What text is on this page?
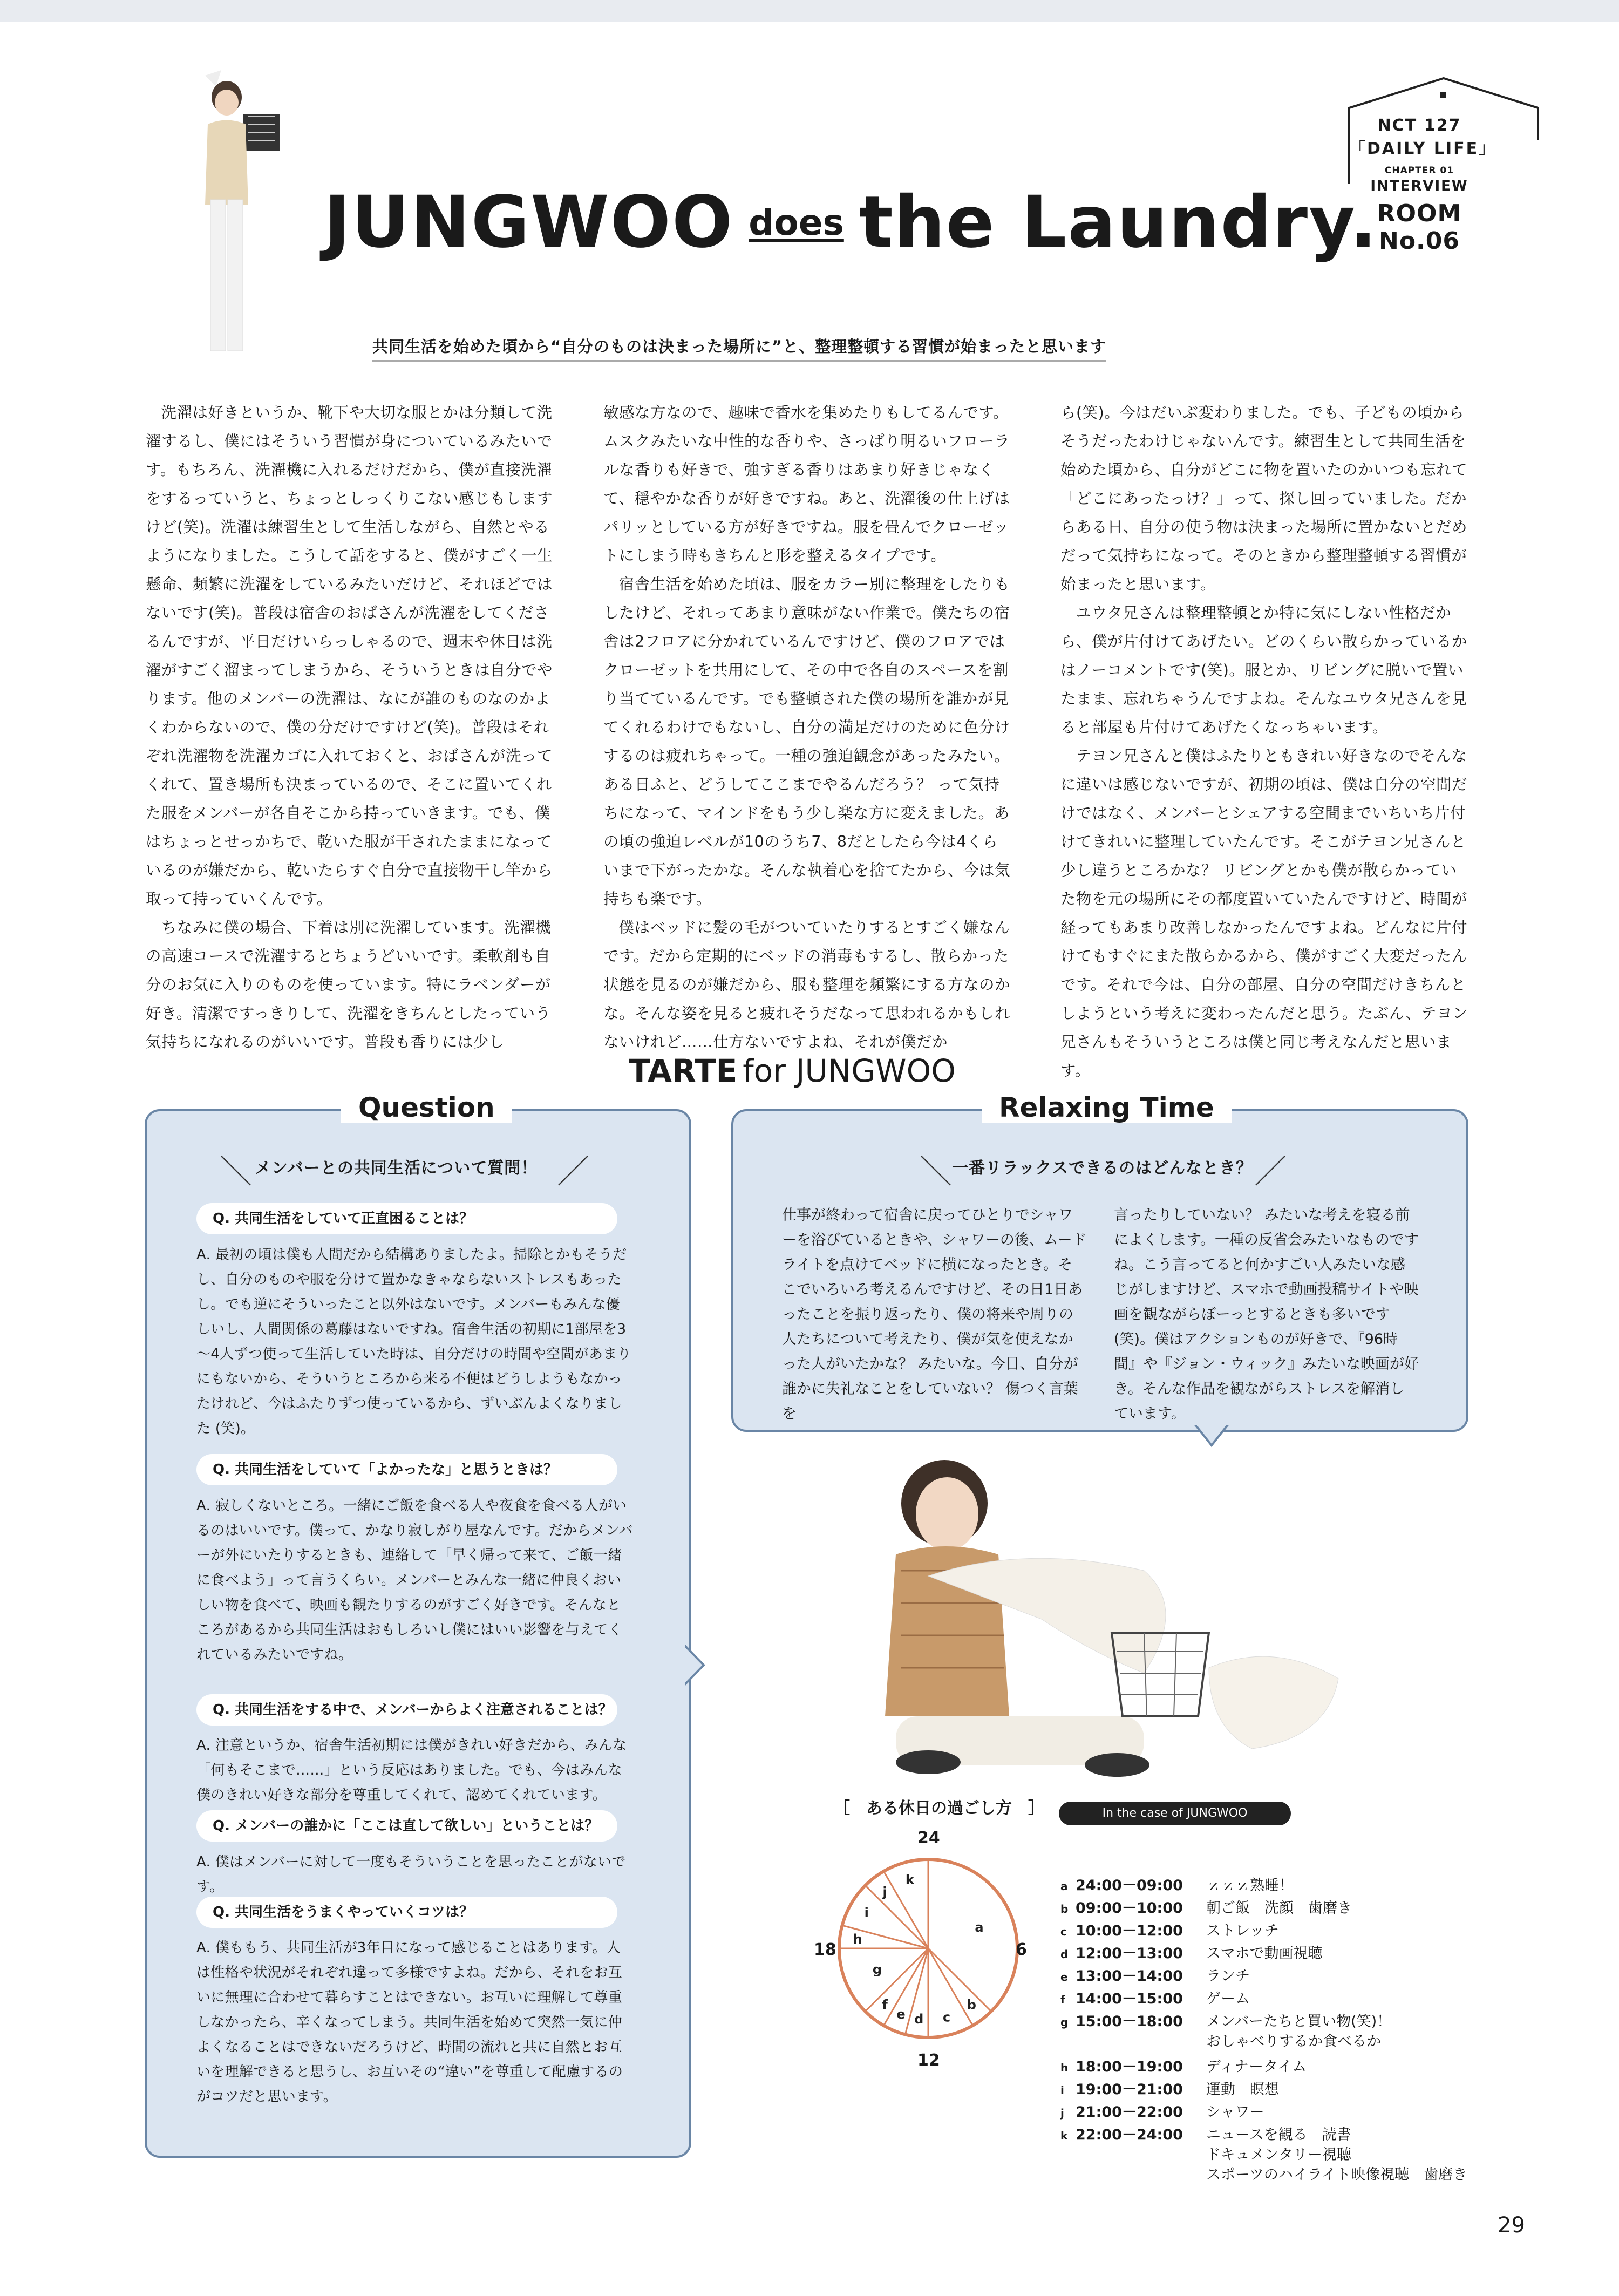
NCT 127
「DAILY LIFE」
CHAPTER 01
INTERVIEW
ROOM No.06
JUNGWOO does the Laundry.
共同生活を始めた頃から“自分のものは決まった場所に”と、整理整頓する習慣が始まったと思います

洗濯は好きというか、靴下や大切な服とかは分類して洗濯するし、僕にはそういう習慣が身についているみたいです。もちろん、洗濯機に入れるだけだから、僕が直接洗濯をするっていうと、ちょっとしっくりこない感じもしますけど(笑)。洗濯は練習生として生活しながら、自然とやるようになりました。こうして話をすると、僕がすごく一生懸命、頻繁に洗濯をしているみたいだけど、それほどではないです(笑)。普段は宿舎のおばさんが洗濯をしてくださるんですが、平日だけいらっしゃるので、週末や休日は洗濯がすごく溜まってしまうから、そういうときは自分でやります。他のメンバーの洗濯は、なにが誰のものなのかよくわからないので、僕の分だけですけど(笑)。普段はそれぞれ洗濯物を洗濯カゴに入れておくと、おばさんが洗ってくれて、置き場所も決まっているので、そこに置いてくれた服をメンバーが各自そこから持っていきます。でも、僕はちょっとせっかちで、乾いた服が干されたままになっているのが嫌だから、乾いたらすぐ自分で直接物干し竿から取って持っていくんです。

ちなみに僕の場合、下着は別に洗濯しています。洗濯機の高速コースで洗濯するとちょうどいいです。柔軟剤も自分のお気に入りのものを使っています。特にラベンダーが好き。清潔ですっきりして、洗濯をきちんとしたっていう気持ちになれるのがいいです。普段も香りには少し

敏感な方なので、趣味で香水を集めたりもしてるんです。ムスクみたいな中性的な香りや、さっぱり明るいフローラルな香りも好きで、強すぎる香りはあまり好きじゃなくて、穏やかな香りが好きですね。あと、洗濯後の仕上げはパリッとしている方が好きですね。服を畳んでクローゼットにしまう時もきちんと形を整えるタイプです。

宿舎生活を始めた頃は、服をカラー別に整理をしたりもしたけど、それってあまり意味がない作業で。僕たちの宿舎は2フロアに分かれているんですけど、僕のフロアではクローゼットを共用にして、その中で各自のスペースを割り当てているんです。でも整頓された僕の場所を誰かが見てくれるわけでもないし、自分の満足だけのために色分けするのは疲れちゃって。一種の強迫観念があったみたい。ある日ふと、どうしてここまでやるんだろう？ って気持ちになって、マインドをもう少し楽な方に変えました。あの頃の強迫レベルが10のうち7、8だとしたら今は4くらいまで下がったかな。そんな執着心を捨てたから、今は気持ちも楽です。

僕はベッドに髪の毛がついていたりするとすごく嫌なんです。だから定期的にベッドの消毒もするし、散らかった状態を見るのが嫌だから、服も整理を頻繁にする方なのかな。そんな姿を見ると疲れそうだなって思われるかもしれないけれど……仕方ないですよね、それが僕だか

ら(笑)。今はだいぶ変わりました。でも、子どもの頃からそうだったわけじゃないんです。練習生として共同生活を始めた頃から、自分がどこに物を置いたのかいつも忘れて「どこにあったっけ？」って、探し回っていました。だからある日、自分の使う物は決まった場所に置かないとだめだって気持ちになって。そのときから整理整頓する習慣が始まったと思います。

ユウタ兄さんは整理整頓とか特に気にしない性格だから、僕が片付けてあげたい。どのくらい散らかっているかはノーコメントです(笑)。服とか、リビングに脱いで置いたまま、忘れちゃうんですよね。そんなユウタ兄さんを見ると部屋も片付けてあげたくなっちゃいます。

テヨン兄さんと僕はふたりともきれい好きなのでそんなに違いは感じないですが、初期の頃は、僕は自分の空間だけではなく、メンバーとシェアする空間までいちいち片付けてきれいに整理していたんです。そこがテヨン兄さんと少し違うところかな？ リビングとかも僕が散らかっていた物を元の場所にその都度置いていたんですけど、時間が経ってもあまり改善しなかったんですよね。どんなに片付けてもすぐにまた散らかるから、僕がすごく大変だったんです。それで今は、自分の部屋、自分の空間だけきちんとしようという考えに変わったんだと思う。たぶん、テヨン兄さんもそういうところは僕と同じ考えなんだと思います。

TARTE for JUNGWOO
Question
＼ メンバーとの共同生活について質問！ ／
Q. 共同生活をしていて正直困ることは？
A. 最初の頃は僕も人間だから結構ありましたよ。掃除とかもそうだし、自分のものや服を分けて置かなきゃならないストレスもあったし。でも逆にそういったこと以外はないです。メンバーもみんな優しいし、人間関係の葛藤はないですね。宿舎生活の初期に1部屋を3～4人ずつ使って生活していた時は、自分だけの時間や空間があまりにもないから、そういうところから来る不便はどうしようもなかったけれど、今はふたりずつ使っているから、ずいぶんよくなりました (笑)。
Q. 共同生活をしていて「よかったな」と思うときは？
A. 寂しくないところ。一緒にご飯を食べる人や夜食を食べる人がいるのはいいです。僕って、かなり寂しがり屋なんです。だからメンバーが外にいたりするときも、連絡して「早く帰って来て、ご飯一緒に食べよう」って言うくらい。メンバーとみんな一緒に仲良くおいしい物を食べて、映画も観たりするのがすごく好きです。そんなところがあるから共同生活はおもしろいし僕にはいい影響を与えてくれているみたいですね。
Q. 共同生活をする中で、メンバーからよく注意されることは？
A. 注意というか、宿舎生活初期には僕がきれい好きだから、みんな「何もそこまで……」という反応はありました。でも、今はみんな僕のきれい好きな部分を尊重してくれて、認めてくれています。
Q. メンバーの誰かに「ここは直して欲しい」ということは？
A. 僕はメンバーに対して一度もそういうことを思ったことがないです。
Q. 共同生活をうまくやっていくコツは？
A. 僕ももう、共同生活が3年目になって感じることはあります。人は性格や状況がそれぞれ違って多様ですよね。だから、それをお互いに無理に合わせて暮らすことはできない。お互いに理解して尊重しなかったら、辛くなってしまう。共同生活を始めて突然一気に仲よくなることはできないだろうけど、時間の流れと共に自然とお互いを理解できると思うし、お互いその“違い”を尊重して配慮するのがコツだと思います。
Relaxing Time
＼ 一番リラックスできるのはどんなとき？ ／
仕事が終わって宿舎に戻ってひとりでシャワーを浴びているときや、シャワーの後、ムードライトを点けてベッドに横になったとき。そこでいろいろ考えるんですけど、その日1日あったことを振り返ったり、僕の将来や周りの人たちについて考えたり、僕が気を使えなかった人がいたかな？ みたいな。今日、自分が誰かに失礼なことをしていない？ 傷つく言葉を
言ったりしていない？ みたいな考えを寝る前によくします。一種の反省会みたいなものですね。こう言ってると何かすごい人みたいな感じがしますけど、スマホで動画投稿サイトや映画を観ながらぼーっとするときも多いです(笑)。僕はアクションものが好きで、『96時間』や『ジョン・ウィック』みたいな映画が好き。そんな作品を観ながらストレスを解消しています。
［　ある休日の過ごし方　］	In the case of JUNGWOO
a
b
c
d
e
f
g
h
i
j
k
24
6
12
18
a 24:00－09:00 ｚｚｚ熟睡！
b 09:00－10:00 朝ご飯　洗顔　歯磨き
c 10:00－12:00 ストレッチ
d 12:00－13:00 スマホで動画視聴
e 13:00－14:00 ランチ
f 14:00－15:00 ゲーム
g 15:00－18:00 メンバーたちと買い物(笑)！
おしゃべりするか食べるか
h 18:00－19:00 ディナータイム
i 19:00－21:00 運動　瞑想
j 21:00－22:00 シャワー
k 22:00－24:00 ニュースを観る　読書
ドキュメンタリー視聴
スポーツのハイライト映像視聴　歯磨き
29
